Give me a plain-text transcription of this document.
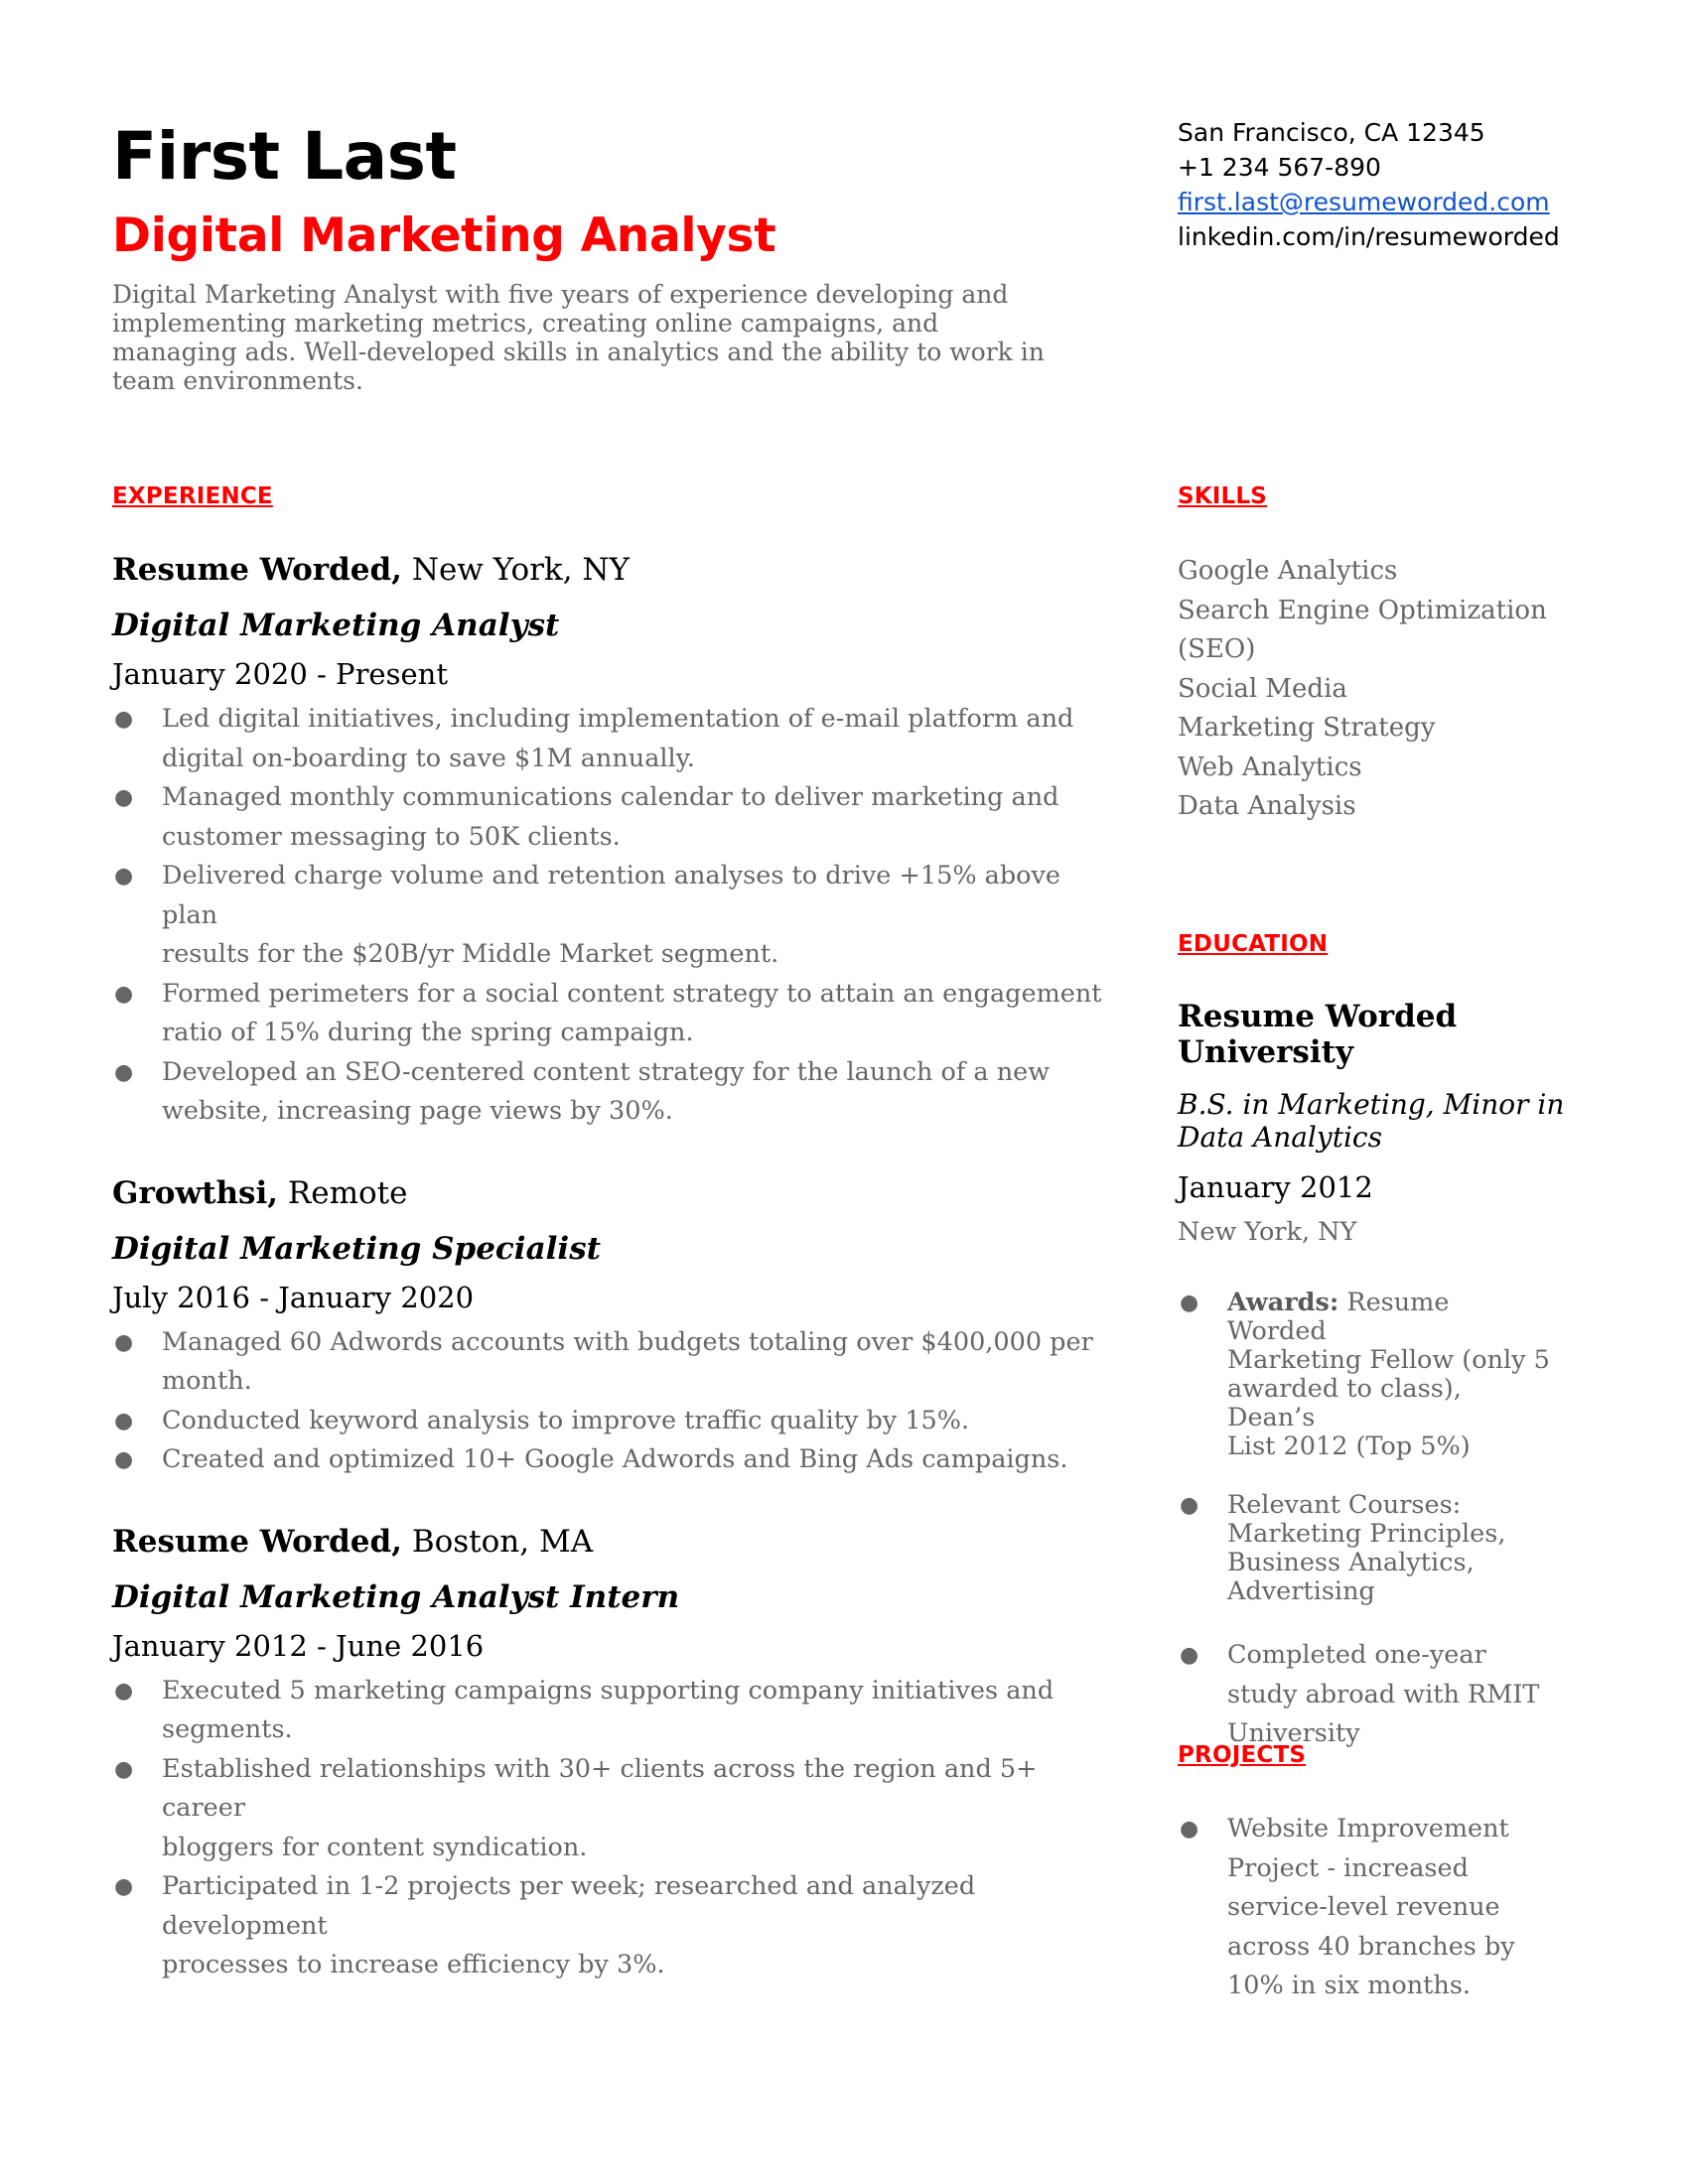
First Last
Digital Marketing Analyst
Digital Marketing Analyst with five years of experience developing and implementing marketing metrics, creating online campaigns, and managing ads. Well-developed skills in analytics and the ability to work in team environments.
San Francisco, CA 12345
+1 234 567-890
first.last@resumeworded.com
linkedin.com/in/resumeworded
EXPERIENCE	SKILLS
EDUCATION
PROJECTS
Resume Worded, New York, NY
Digital Marketing Analyst
January 2020 - Present
● Led digital initiatives, including implementation of e-mail platform and
digital on-boarding to save $1M annually.
● Managed monthly communications calendar to deliver marketing and
customer messaging to 50K clients.
● Delivered charge volume and retention analyses to drive +15% above plan
results for the $20B/yr Middle Market segment.
● Formed perimeters for a social content strategy to attain an engagement
ratio of 15% during the spring campaign.
● Developed an SEO-centered content strategy for the launch of a new
website, increasing page views by 30%.
Growthsi, Remote
Digital Marketing Specialist
July 2016 - January 2020
● Managed 60 Adwords accounts with budgets totaling over $400,000 per
month.
● Conducted keyword analysis to improve traffic quality by 15%.
● Created and optimized 10+ Google Adwords and Bing Ads campaigns.
Resume Worded, Boston, MA
Digital Marketing Analyst Intern
January 2012 - June 2016
● Executed 5 marketing campaigns supporting company initiatives and
segments.
● Established relationships with 30+ clients across the region and 5+ career
bloggers for content syndication.
● Participated in 1-2 projects per week; researched and analyzed development
processes to increase efficiency by 3%.
Google Analytics
Search Engine Optimization
(SEO)
Social Media
Marketing Strategy
Web Analytics
Data Analysis
Resume Worded
University
B.S. in Marketing, Minor in
Data Analytics
January 2012
New York, NY
● Awards: Resume Worded
Marketing Fellow (only 5
awarded to class), Dean’s
List 2012 (Top 5%)
● Relevant Courses:
Marketing Principles,
Business Analytics,
Advertising
● Completed one-year
study abroad with RMIT
University
● Website Improvement
Project - increased
service-level revenue
across 40 branches by
10% in six months.
